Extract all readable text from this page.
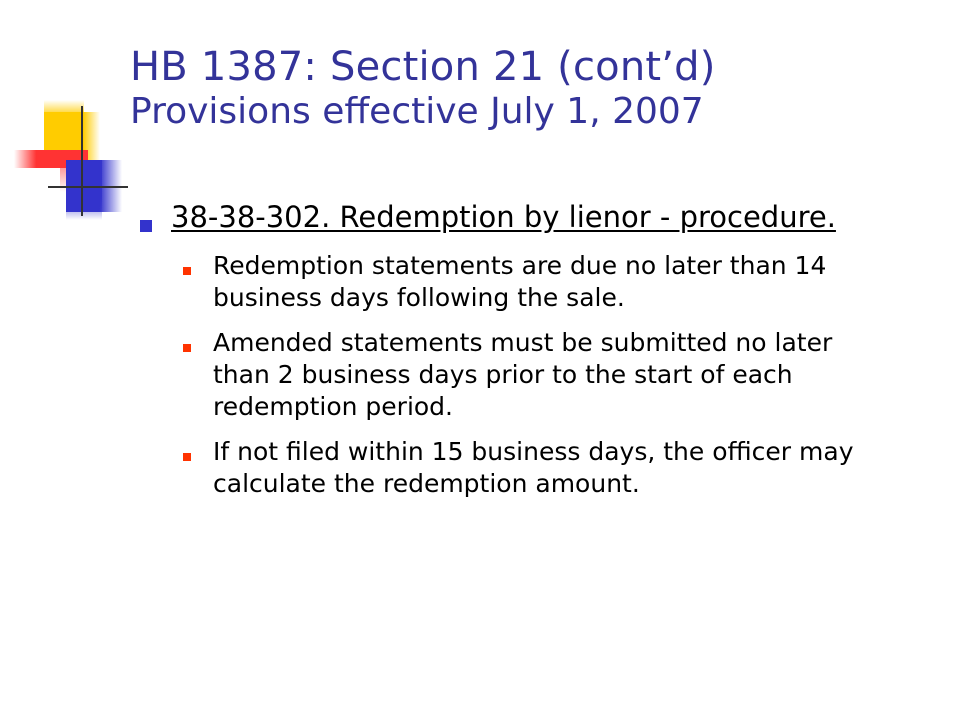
HB 1387: Section 21 (cont’d)
Provisions effective July 1, 2007
38-38-302. Redemption by lienor - procedure.
Redemption statements are due no later than 14 business days following the sale.
Amended statements must be submitted no later than 2 business days prior to the start of each redemption period.
If not filed within 15 business days, the officer may calculate the redemption amount.
